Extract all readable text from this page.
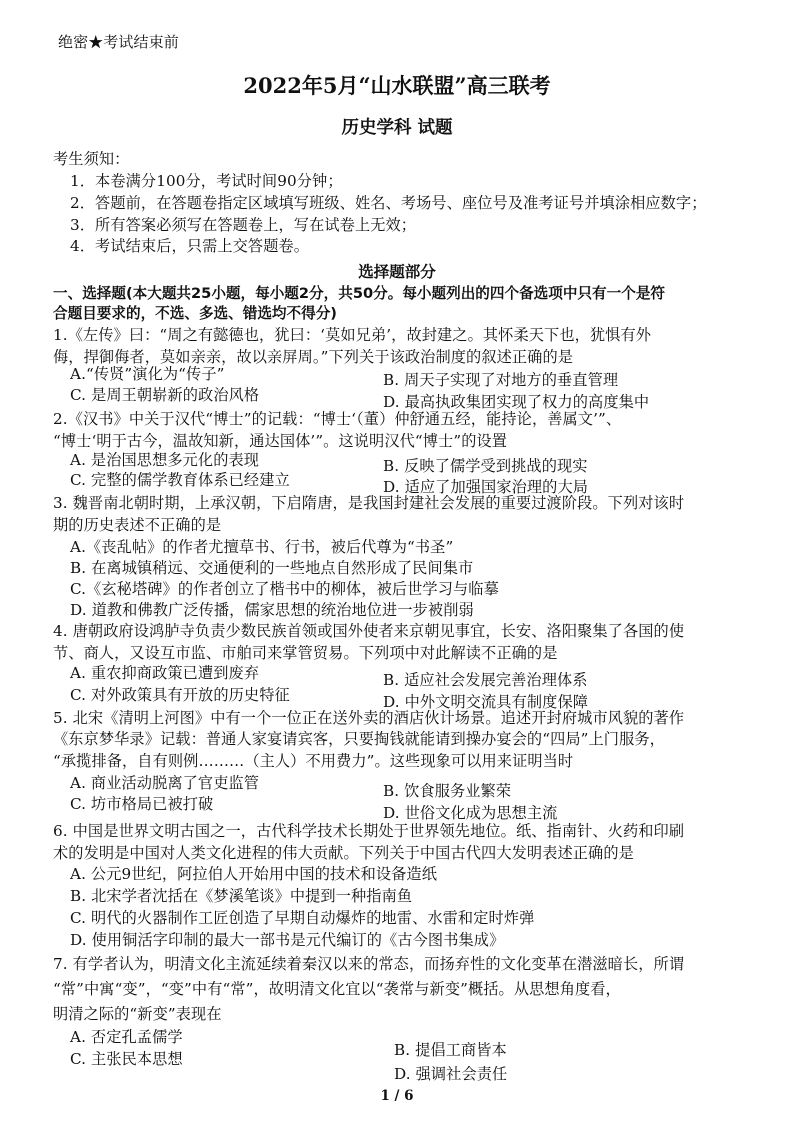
绝密★考试结束前
2022年5月“山水联盟”高三联考
历史学科 试题
考生须知：
1．本卷满分100分，考试时间90分钟；
2．答题前，在答题卷指定区域填写班级、姓名、考场号、座位号及准考证号并填涂相应数字；
3．所有答案必须写在答题卷上，写在试卷上无效；
4．考试结束后，只需上交答题卷。
选择题部分
一、选择题(本大题共25小题，每小题2分，共50分。每小题列出的四个备选项中只有一个是符
合题目要求的，不选、多选、错选均不得分)
1.《左传》曰：“周之有懿德也，犹曰：‘莫如兄弟’，故封建之。其怀柔天下也，犹惧有外
侮，捍御侮者，莫如亲亲，故以亲屏周。”下列关于该政治制度的叙述正确的是
A.“传贤”演化为“传子”	B. 周天子实现了对地方的垂直管理
C. 是周王朝崭新的政治风格	D. 最高执政集团实现了权力的高度集中
2.《汉书》中关于汉代“博士”的记载：“博士‘（董）仲舒通五经，能持论，善属文’”、
“博士‘明于古今，温故知新，通达国体’”。这说明汉代“博士”的设置
A. 是治国思想多元化的表现	B. 反映了儒学受到挑战的现实
C. 完整的儒学教育体系已经建立	D. 适应了加强国家治理的大局
3. 魏晋南北朝时期，上承汉朝，下启隋唐，是我国封建社会发展的重要过渡阶段。下列对该时
期的历史表述不正确的是
A.《丧乱帖》的作者尤擅草书、行书，被后代尊为“书圣”
B. 在离城镇稍远、交通便利的一些地点自然形成了民间集市
C.《玄秘塔碑》的作者创立了楷书中的柳体，被后世学习与临摹
D. 道教和佛教广泛传播，儒家思想的统治地位进一步被削弱
4. 唐朝政府设鸿胪寺负责少数民族首领或国外使者来京朝见事宜，长安、洛阳聚集了各国的使
节、商人，又设互市监、市舶司来掌管贸易。下列项中对此解读不正确的是
A. 重农抑商政策已遭到废弃	B. 适应社会发展完善治理体系
C. 对外政策具有开放的历史特征	D. 中外文明交流具有制度保障
5. 北宋《清明上河图》中有一个一位正在送外卖的酒店伙计场景。追述开封府城市风貌的著作
《东京梦华录》记载：普通人家宴请宾客，只要掏钱就能请到操办宴会的“四局”上门服务，
“承揽排备，自有则例………（主人）不用费力”。这些现象可以用来证明当时
A. 商业活动脱离了官吏监管	B. 饮食服务业繁荣
C. 坊市格局已被打破	D. 世俗文化成为思想主流
6. 中国是世界文明古国之一，古代科学技术长期处于世界领先地位。纸、指南针、火药和印刷
术的发明是中国对人类文化进程的伟大贡献。下列关于中国古代四大发明表述正确的是
A. 公元9世纪，阿拉伯人开始用中国的技术和设备造纸
B. 北宋学者沈括在《梦溪笔谈》中提到一种指南鱼
C. 明代的火器制作工匠创造了早期自动爆炸的地雷、水雷和定时炸弹
D. 使用铜活字印制的最大一部书是元代编订的《古今图书集成》
7. 有学者认为，明清文化主流延续着秦汉以来的常态，而扬弃性的文化变革在潜滋暗长，所谓
“常”中寓“变”，“变”中有“常”，故明清文化宜以“袭常与新变”概括。从思想角度看，
明清之际的“新变”表现在
A. 否定孔孟儒学
B. 提倡工商皆本
C. 主张民本思想
D. 强调社会责任
1 / 6
